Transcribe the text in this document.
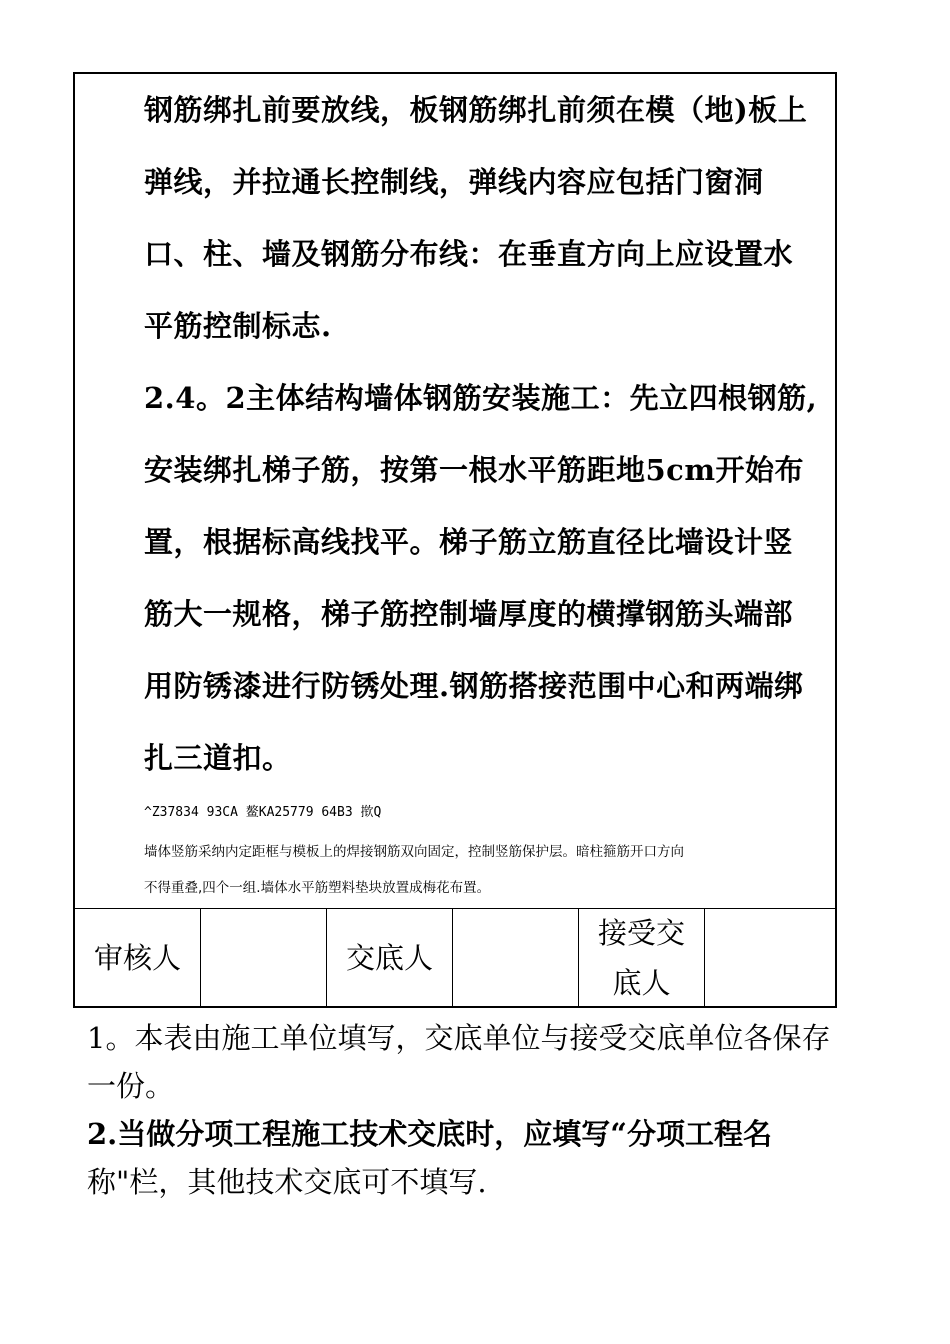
钢筋绑扎前要放线，板钢筋绑扎前须在模（地)板上
弹线，并拉通长控制线，弹线内容应包括门窗洞
口、柱、墙及钢筋分布线：在垂直方向上应设置水
平筋控制标志.
2.4。2主体结构墙体钢筋安装施工：先立四根钢筋,
安装绑扎梯子筋，按第一根水平筋距地5cm开始布
置，根据标高线找平。梯子筋立筋直径比墙设计竖
筋大一规格，梯子筋控制墙厚度的横撑钢筋头端部
用防锈漆进行防锈处理.钢筋搭接范围中心和两端绑
扎三道扣。
^Z37834 93CA 鳌KA25779 64B3 揿Q
墙体竖筋采纳内定距框与模板上的焊接钢筋双向固定，控制竖筋保护层。暗柱箍筋开口方向
不得重叠,四个一组.墙体水平筋塑料垫块放置成梅花布置。
审核人	交底人
接受交底人
1。本表由施工单位填写，交底单位与接受交底单位各保存
一份。
2.当做分项工程施工技术交底时，应填写“分项工程名
称"栏，其他技术交底可不填写.
